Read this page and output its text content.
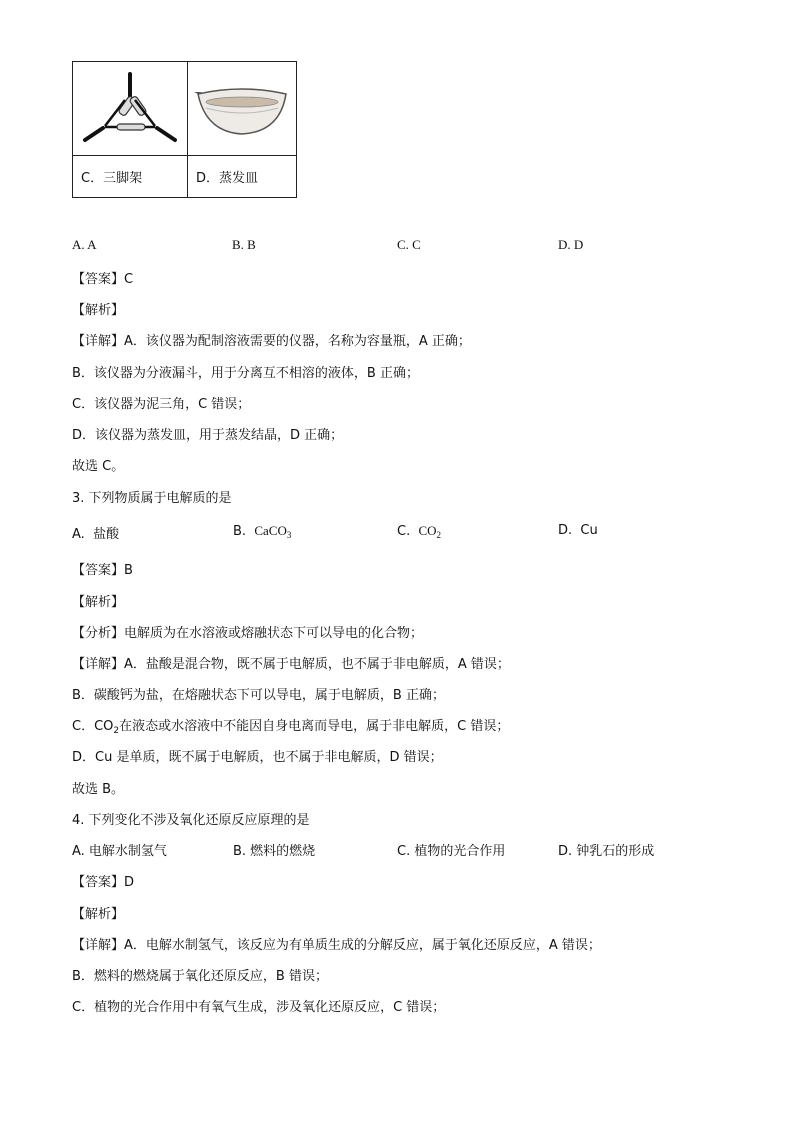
C．三脚架	D．蒸发皿
A. A	B. B	C. C	D. D
【答案】C
【解析】
【详解】A．该仪器为配制溶液需要的仪器，名称为容量瓶，A 正确；
B．该仪器为分液漏斗，用于分离互不相溶的液体，B 正确；
C．该仪器为泥三角，C 错误；
D．该仪器为蒸发皿，用于蒸发结晶，D 正确；
故选 C。
3. 下列物质属于电解质的是
A. 盐酸	B. CaCO$_3$	C. $CO_2$	D. Cu
【答案】B
【解析】
【分析】电解质为在水溶液或熔融状态下可以导电的化合物；
【详解】A．盐酸是混合物，既不属于电解质，也不属于非电解质，A 错误；
B．碳酸钙为盐，在熔融状态下可以导电，属于电解质，B 正确；
C．$CO_2$在液态或水溶液中不能因自身电离而导电，属于非电解质，C 错误；
D．Cu 是单质，既不属于电解质，也不属于非电解质，D 错误；
故选 B。
4. 下列变化不涉及氧化还原反应原理的是
A. 电解水制氢气	B. 燃料的燃烧	C. 植物的光合作用	D. 钟乳石的形成
【答案】D
【解析】
【详解】A．电解水制氢气，该反应为有单质生成的分解反应，属于氧化还原反应，A 错误；
B．燃料的燃烧属于氧化还原反应，B 错误；
C．植物的光合作用中有氧气生成，涉及氧化还原反应，C 错误；
